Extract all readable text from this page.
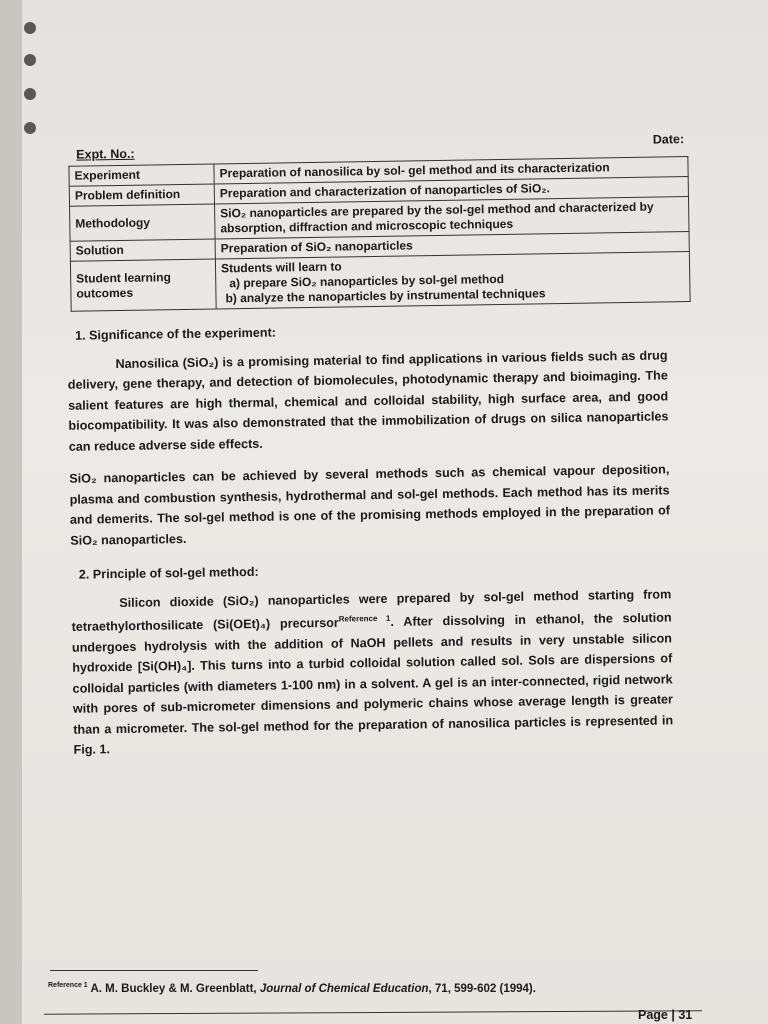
Expt. No.:
Date:
Experiment	Preparation of nanosilica by sol- gel method and its characterization
Problem definition	Preparation and characterization of nanoparticles of SiO₂.
Methodology	SiO₂ nanoparticles are prepared by the sol-gel method and characterized by absorption, diffraction and microscopic techniques
Solution	Preparation of SiO₂ nanoparticles
Student learning outcomes	Students will learn to
a) prepare SiO₂ nanoparticles by sol-gel method
b) analyze the nanoparticles by instrumental techniques
1. Significance of the experiment:

Nanosilica (SiO₂) is a promising material to find applications in various fields such as drug delivery, gene therapy, and detection of biomolecules, photodynamic therapy and bioimaging. The salient features are high thermal, chemical and colloidal stability, high surface area, and good biocompatibility. It was also demonstrated that the immobilization of drugs on silica nanoparticles can reduce adverse side effects.

SiO₂ nanoparticles can be achieved by several methods such as chemical vapour deposition, plasma and combustion synthesis, hydrothermal and sol-gel methods. Each method has its merits and demerits. The sol-gel method is one of the promising methods employed in the preparation of SiO₂ nanoparticles.

2. Principle of sol-gel method:

Silicon dioxide (SiO₂) nanoparticles were prepared by sol-gel method starting from tetraethylorthosilicate (Si(OEt)₄) precursor$^{Reference 1}$. After dissolving in ethanol, the solution undergoes hydrolysis with the addition of NaOH pellets and results in very unstable silicon hydroxide [Si(OH)₄]. This turns into a turbid colloidal solution called sol. Sols are dispersions of colloidal particles (with diameters 1-100 nm) in a solvent. A gel is an inter-connected, rigid network with pores of sub-micrometer dimensions and polymeric chains whose average length is greater than a micrometer. The sol-gel method for the preparation of nanosilica particles is represented in Fig. 1.

$^{Reference 1}$ A. M. Buckley & M. Greenblatt, Journal of Chemical Education, 71, 599-602 (1994).
Page | 31
